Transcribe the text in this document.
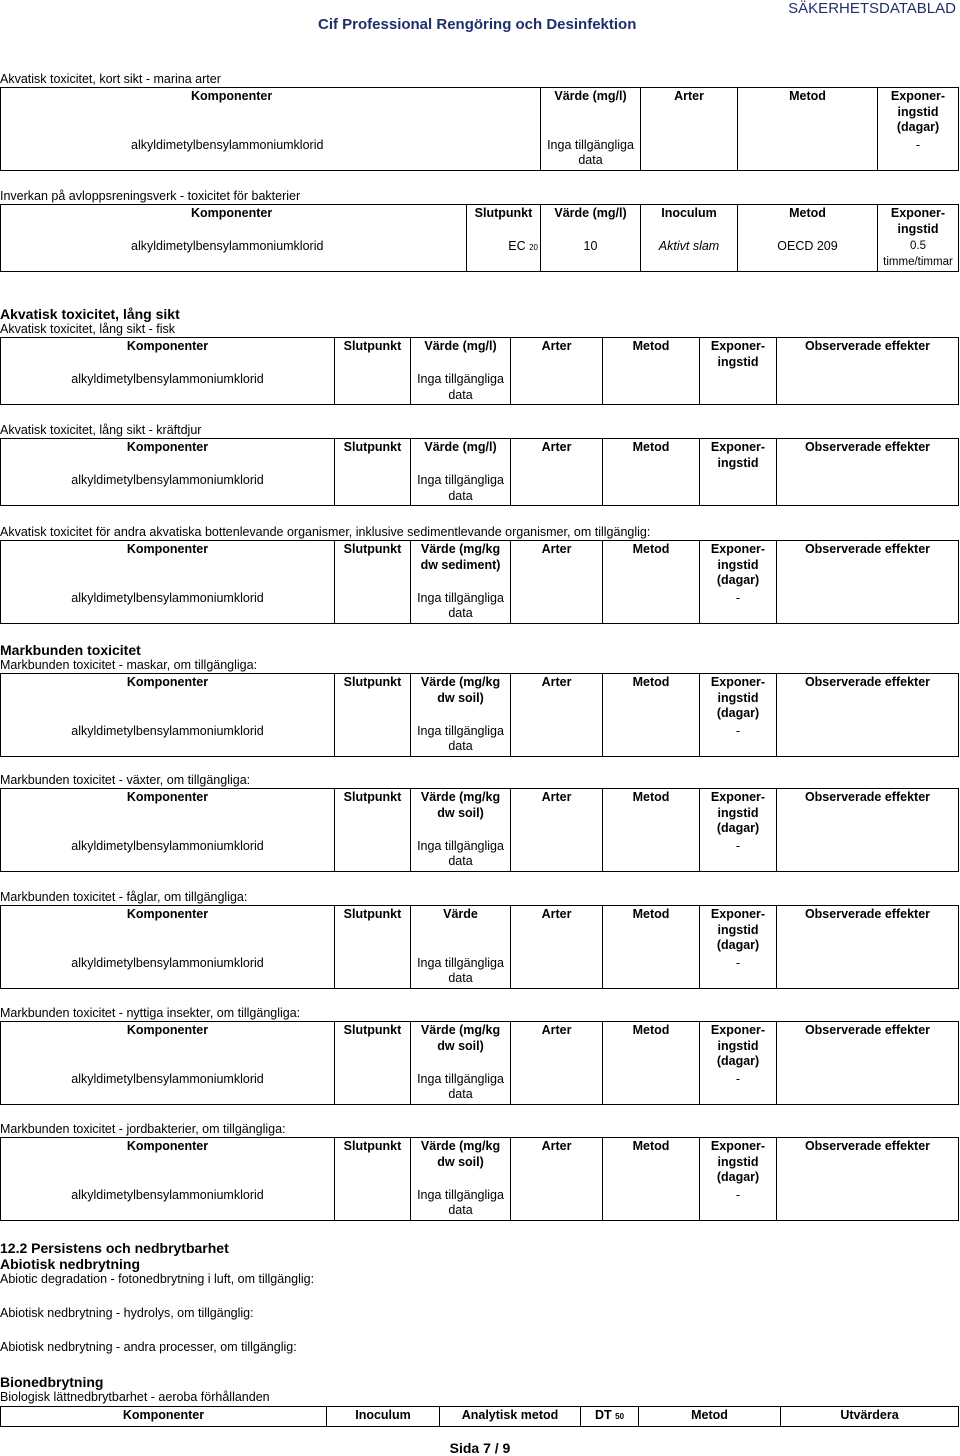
Cif Professional Rengöring och Desinfektion
SÄKERHETSDATABLAD
Akvatisk toxicitet, kort sikt - marina arter
Komponenter		Värde (mg/l)	Arter	Metod	Exponer-ingstid (dagar)
alkyldimetylbensylammoniumklorid		Inga tillgängliga data			-
Inverkan på avloppsreningsverk - toxicitet för bakterier
Komponenter	Slutpunkt	Värde (mg/l)	Inoculum	Metod	Exponer-ingstid
alkyldimetylbensylammoniumklorid	EC 20	10	Aktivt slam	OECD 209	0.5 timme/timmar
Akvatisk toxicitet, lång sikt
Akvatisk toxicitet, lång sikt - fisk
Komponenter	Slutpunkt	Värde (mg/l)	Arter	Metod	Exponer-ingstid	Observerade effekter
alkyldimetylbensylammoniumklorid		Inga tillgängliga data				
Akvatisk toxicitet, lång sikt - kräftdjur
Komponenter	Slutpunkt	Värde (mg/l)	Arter	Metod	Exponer-ingstid	Observerade effekter
alkyldimetylbensylammoniumklorid		Inga tillgängliga data				
Akvatisk toxicitet för andra akvatiska bottenlevande organismer, inklusive sedimentlevande organismer, om tillgänglig:
Komponenter	Slutpunkt	Värde (mg/kg dw sediment)	Arter	Metod	Exponer-ingstid (dagar)	Observerade effekter
alkyldimetylbensylammoniumklorid		Inga tillgängliga data			-	
Markbunden toxicitet
Markbunden toxicitet - maskar, om tillgängliga:
Komponenter	Slutpunkt	Värde (mg/kg dw soil)	Arter	Metod	Exponer-ingstid (dagar)	Observerade effekter
alkyldimetylbensylammoniumklorid		Inga tillgängliga data			-	
Markbunden toxicitet - växter, om tillgängliga:
Komponenter	Slutpunkt	Värde (mg/kg dw soil)	Arter	Metod	Exponer-ingstid (dagar)	Observerade effekter
alkyldimetylbensylammoniumklorid		Inga tillgängliga data			-	
Markbunden toxicitet - fåglar, om tillgängliga:
Komponenter	Slutpunkt	Värde	Arter	Metod	Exponer-ingstid (dagar)	Observerade effekter
alkyldimetylbensylammoniumklorid		Inga tillgängliga data			-	
Markbunden toxicitet - nyttiga insekter, om tillgängliga:
Komponenter	Slutpunkt	Värde (mg/kg dw soil)	Arter	Metod	Exponer-ingstid (dagar)	Observerade effekter
alkyldimetylbensylammoniumklorid		Inga tillgängliga data			-	
Markbunden toxicitet - jordbakterier, om tillgängliga:
Komponenter	Slutpunkt	Värde (mg/kg dw soil)	Arter	Metod	Exponer-ingstid (dagar)	Observerade effekter
alkyldimetylbensylammoniumklorid		Inga tillgängliga data			-	
12.2 Persistens och nedbrytbarhet
Abiotisk nedbrytning
Abiotic degradation - fotonedbrytning i luft, om tillgänglig:
Abiotisk nedbrytning - hydrolys, om tillgänglig:
Abiotisk nedbrytning - andra processer, om tillgänglig:
Bionedbrytning
Biologisk lättnedbrytbarhet - aeroba förhållanden
Komponenter	Inoculum	Analytisk metod	DT 50	Metod	Utvärdera
Sida 7 / 9
